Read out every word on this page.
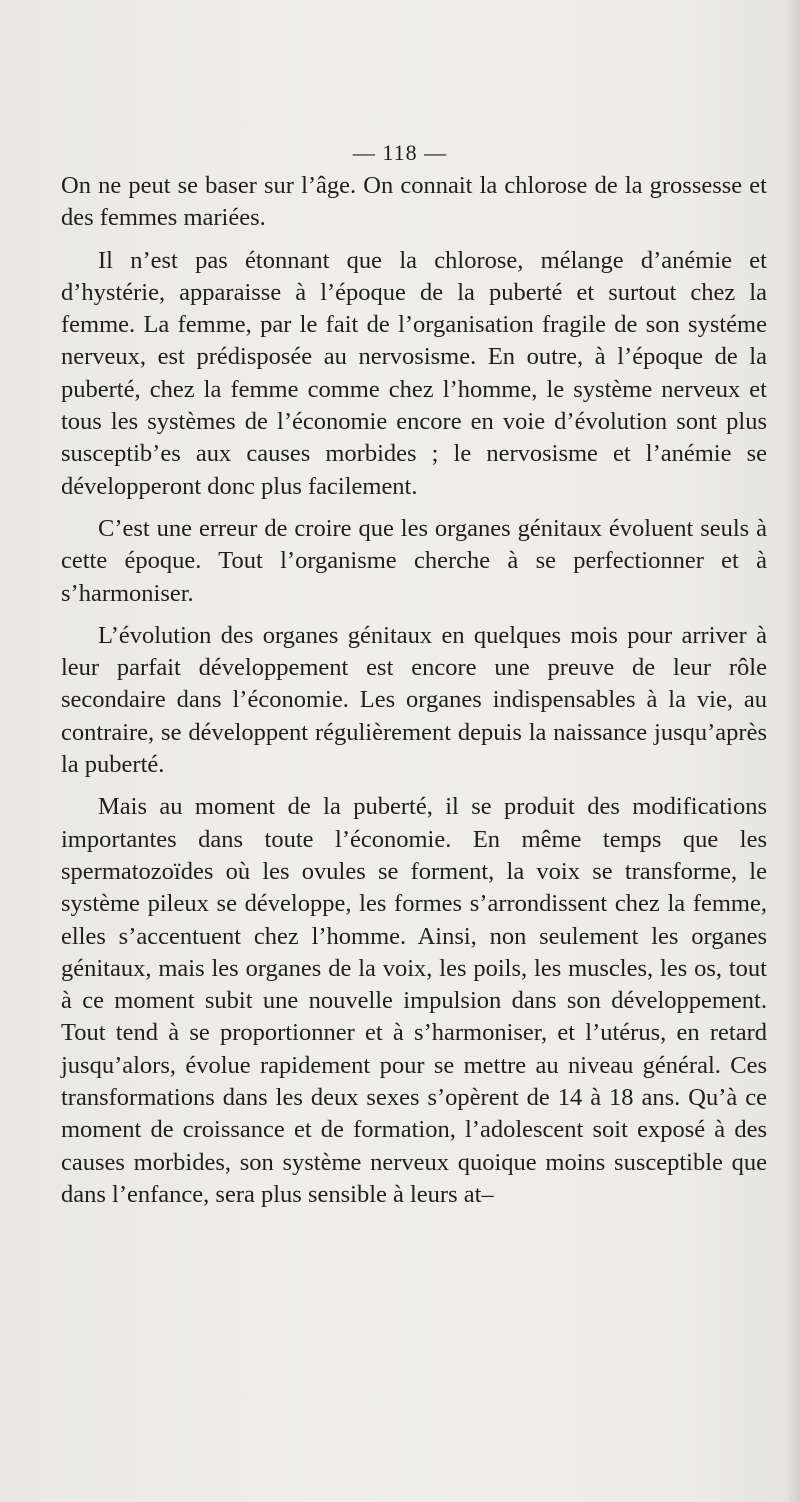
— 118 —

On ne peut se baser sur l’âge. On connait la chlorose de la grossesse et des femmes mariées.

Il n’est pas étonnant que la chlorose, mélange d’anémie et d’hystérie, apparaisse à l’époque de la puberté et surtout chez la femme. La femme, par le fait de l’organisation fragile de son systéme nerveux, est prédisposée au nervosisme. En outre, à l’époque de la puberté, chez la femme comme chez l’homme, le système nerveux et tous les systèmes de l’économie encore en voie d’évolution sont plus susceptib’es aux causes morbides ; le nervosisme et l’anémie se développeront donc plus facilement.

C’est une erreur de croire que les organes génitaux évoluent seuls à cette époque. Tout l’organisme cherche à se perfectionner et à s’harmoniser.

L’évolution des organes génitaux en quelques mois pour arriver à leur parfait développement est encore une preuve de leur rôle secondaire dans l’économie. Les organes indispensables à la vie, au contraire, se développent régulièrement depuis la naissance jusqu’après la puberté.

Mais au moment de la puberté, il se produit des modifications importantes dans toute l’économie. En même temps que les spermatozoïdes où les ovules se forment, la voix se transforme, le système pileux se développe, les formes s’arrondissent chez la femme, elles s’accentuent chez l’homme. Ainsi, non seulement les organes génitaux, mais les organes de la voix, les poils, les muscles, les os, tout à ce moment subit une nouvelle impulsion dans son développement. Tout tend à se proportionner et à s’harmoniser, et l’utérus, en retard jusqu’alors, évolue rapidement pour se mettre au niveau général. Ces transformations dans les deux sexes s’opèrent de 14 à 18 ans. Qu’à ce moment de croissance et de formation, l’adolescent soit exposé à des causes morbides, son système nerveux quoique moins susceptible que dans l’enfance, sera plus sensible à leurs at–
